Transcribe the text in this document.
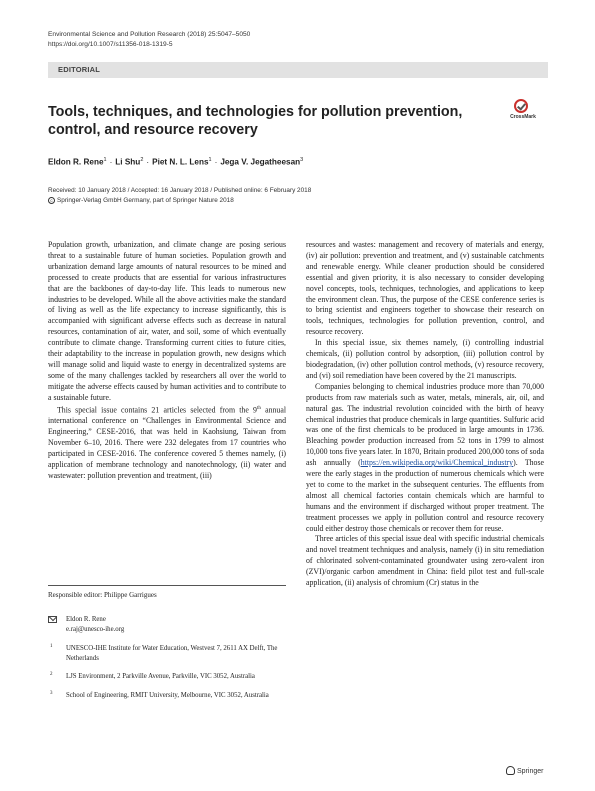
Environmental Science and Pollution Research (2018) 25:5047–5050
https://doi.org/10.1007/s11356-018-1319-5
EDITORIAL
CrossMark
Tools, techniques, and technologies for pollution prevention, control, and resource recovery
Eldon R. Rene$^1$ · Li Shu$^2$ · Piet N. L. Lens$^1$ · Jega V. Jegatheesan$^3$
Received: 10 January 2018 / Accepted: 16 January 2018 / Published online: 6 February 2018
c Springer-Verlag GmbH Germany, part of Springer Nature 2018

Population growth, urbanization, and climate change are posing serious threat to a sustainable future of human societies. Population growth and urbanization demand large amounts of natural resources to be mined and processed to create products that are essential for various infrastructures that are the backbones of day-to-day life. This leads to numerous new industries to be developed. While all the above activities make the standard of living as well as the life expectancy to increase significantly, this is accompanied with significant adverse effects such as decrease in natural resources, contamination of air, water, and soil, some of which eventually contribute to climate change. Transforming current cities to future cities, their adaptability to the increase in population growth, new designs which will manage solid and liquid waste to energy in decentralized systems are some of the many challenges tackled by researchers all over the world to mitigate the adverse effects caused by human activities and to contribute to a sustainable future.

This special issue contains 21 articles selected from the 9th annual international conference on “Challenges in Environmental Science and Engineering,” CESE-2016, that was held in Kaohsiung, Taiwan from November 6–10, 2016. There were 232 delegates from 17 countries who participated in CESE-2016. The conference covered 5 themes namely, (i) application of membrane technology and nanotechnology, (ii) water and wastewater: pollution prevention and treatment, (iii)

resources and wastes: management and recovery of materials and energy, (iv) air pollution: prevention and treatment, and (v) sustainable catchments and renewable energy. While cleaner production should be considered essential and given priority, it is also necessary to consider developing novel concepts, tools, techniques, technologies, and applications to keep the environment clean. Thus, the purpose of the CESE conference series is to bring scientist and engineers together to showcase their research on tools, techniques, technologies for pollution prevention, control, and resource recovery.

In this special issue, six themes namely, (i) controlling industrial chemicals, (ii) pollution control by adsorption, (iii) pollution control by biodegradation, (iv) other pollution control methods, (v) resource recovery, and (vi) soil remediation have been covered by the 21 manuscripts.

Companies belonging to chemical industries produce more than 70,000 products from raw materials such as water, metals, minerals, air, oil, and natural gas. The industrial revolution coincided with the birth of heavy chemical industries that produce chemicals in large quantities. Sulfuric acid was one of the first chemicals to be produced in large amounts in 1736. Bleaching powder production increased from 52 tons in 1799 to almost 10,000 tons five years later. In 1870, Britain produced 200,000 tons of soda ash annually (https://en.wikipedia.org/wiki/Chemical_industry). Those were the early stages in the production of numerous chemicals which were yet to come to the market in the subsequent centuries. The effluents from almost all chemical factories contain chemicals which are harmful to humans and the environment if discharged without proper treatment. The treatment processes we apply in pollution control and resource recovery could either destroy those chemicals or recover them for reuse.

Three articles of this special issue deal with specific industrial chemicals and novel treatment techniques and analysis, namely (i) in situ remediation of chlorinated solvent-contaminated groundwater using zero-valent iron (ZVI)/organic carbon amendment in China: field pilot test and full-scale application, (ii) analysis of chromium (Cr) status in the

Responsible editor: Philippe Garrigues
Eldon R. Rene
e.raj@unesco-ihe.org
1 UNESCO-IHE Institute for Water Education, Westvest 7, 2611 AX Delft, The Netherlands
2 LJS Environment, 2 Parkville Avenue, Parkville, VIC 3052, Australia
3 School of Engineering, RMIT University, Melbourne, VIC 3052, Australia
Springer
